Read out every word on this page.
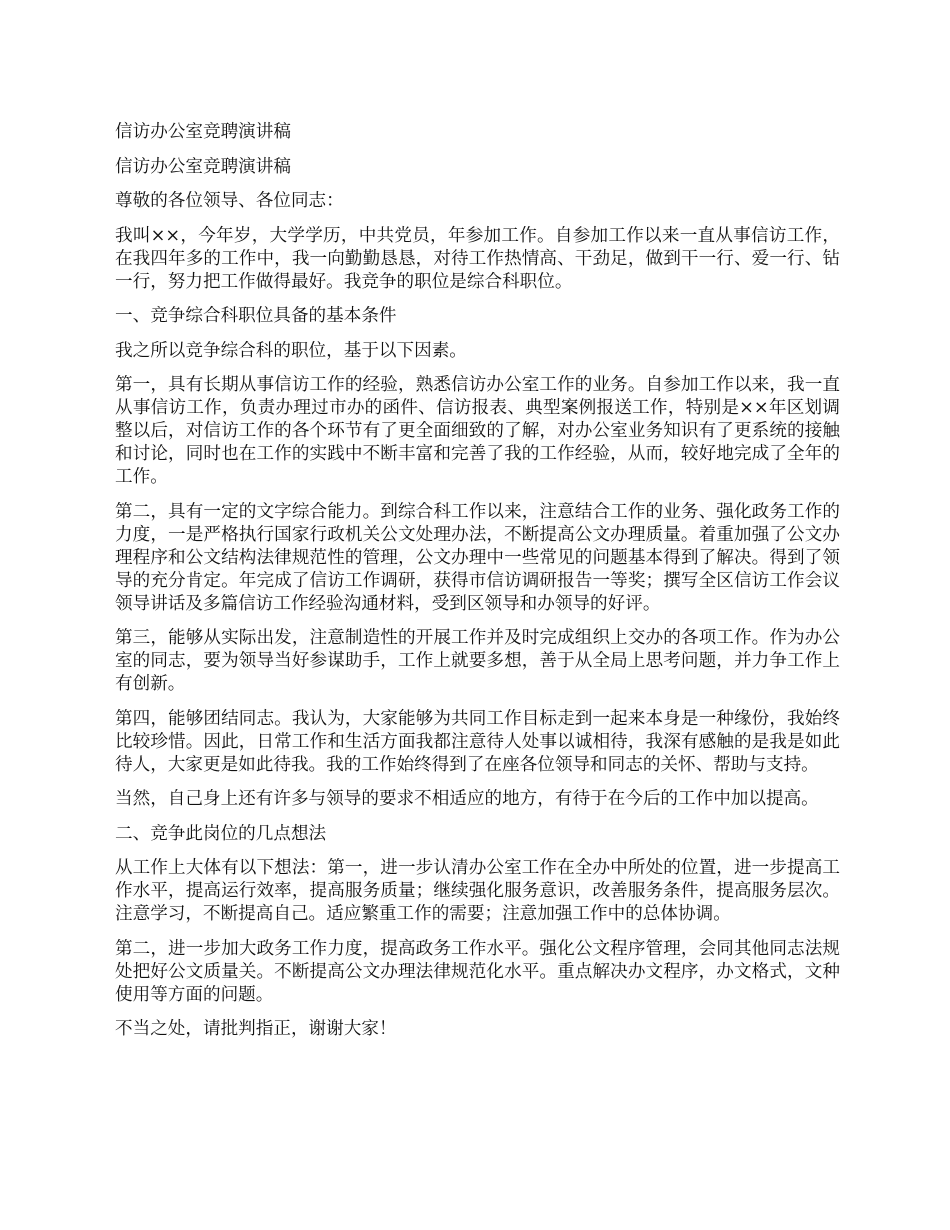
信访办公室竞聘演讲稿

信访办公室竞聘演讲稿

尊敬的各位领导、各位同志：

我叫××，今年岁，大学学历，中共党员，年参加工作。自参加工作以来一直从事信访工作，在我四年多的工作中，我一向勤勤恳恳，对待工作热情高、干劲足，做到干一行、爱一行、钻一行，努力把工作做得最好。我竞争的职位是综合科职位。

一、竞争综合科职位具备的基本条件

我之所以竞争综合科的职位，基于以下因素。

第一，具有长期从事信访工作的经验，熟悉信访办公室工作的业务。自参加工作以来，我一直从事信访工作，负责办理过市办的函件、信访报表、典型案例报送工作，特别是××年区划调整以后，对信访工作的各个环节有了更全面细致的了解，对办公室业务知识有了更系统的接触和讨论，同时也在工作的实践中不断丰富和完善了我的工作经验，从而，较好地完成了全年的工作。

第二，具有一定的文字综合能力。到综合科工作以来，注意结合工作的业务、强化政务工作的力度，一是严格执行国家行政机关公文处理办法，不断提高公文办理质量。着重加强了公文办理程序和公文结构法律规范性的管理，公文办理中一些常见的问题基本得到了解决。得到了领导的充分肯定。年完成了信访工作调研，获得市信访调研报告一等奖；撰写全区信访工作会议领导讲话及多篇信访工作经验沟通材料，受到区领导和办领导的好评。

第三，能够从实际出发，注意制造性的开展工作并及时完成组织上交办的各项工作。作为办公室的同志，要为领导当好参谋助手，工作上就要多想，善于从全局上思考问题，并力争工作上有创新。

第四，能够团结同志。我认为，大家能够为共同工作目标走到一起来本身是一种缘份，我始终比较珍惜。因此，日常工作和生活方面我都注意待人处事以诚相待，我深有感触的是我是如此待人，大家更是如此待我。我的工作始终得到了在座各位领导和同志的关怀、帮助与支持。

当然，自己身上还有许多与领导的要求不相适应的地方，有待于在今后的工作中加以提高。

二、竞争此岗位的几点想法

从工作上大体有以下想法：第一，进一步认清办公室工作在全办中所处的位置，进一步提高工作水平，提高运行效率，提高服务质量；继续强化服务意识，改善服务条件，提高服务层次。注意学习，不断提高自己。适应繁重工作的需要；注意加强工作中的总体协调。

第二，进一步加大政务工作力度，提高政务工作水平。强化公文程序管理，会同其他同志法规处把好公文质量关。不断提高公文办理法律规范化水平。重点解决办文程序，办文格式，文种使用等方面的问题。

不当之处，请批判指正，谢谢大家！
